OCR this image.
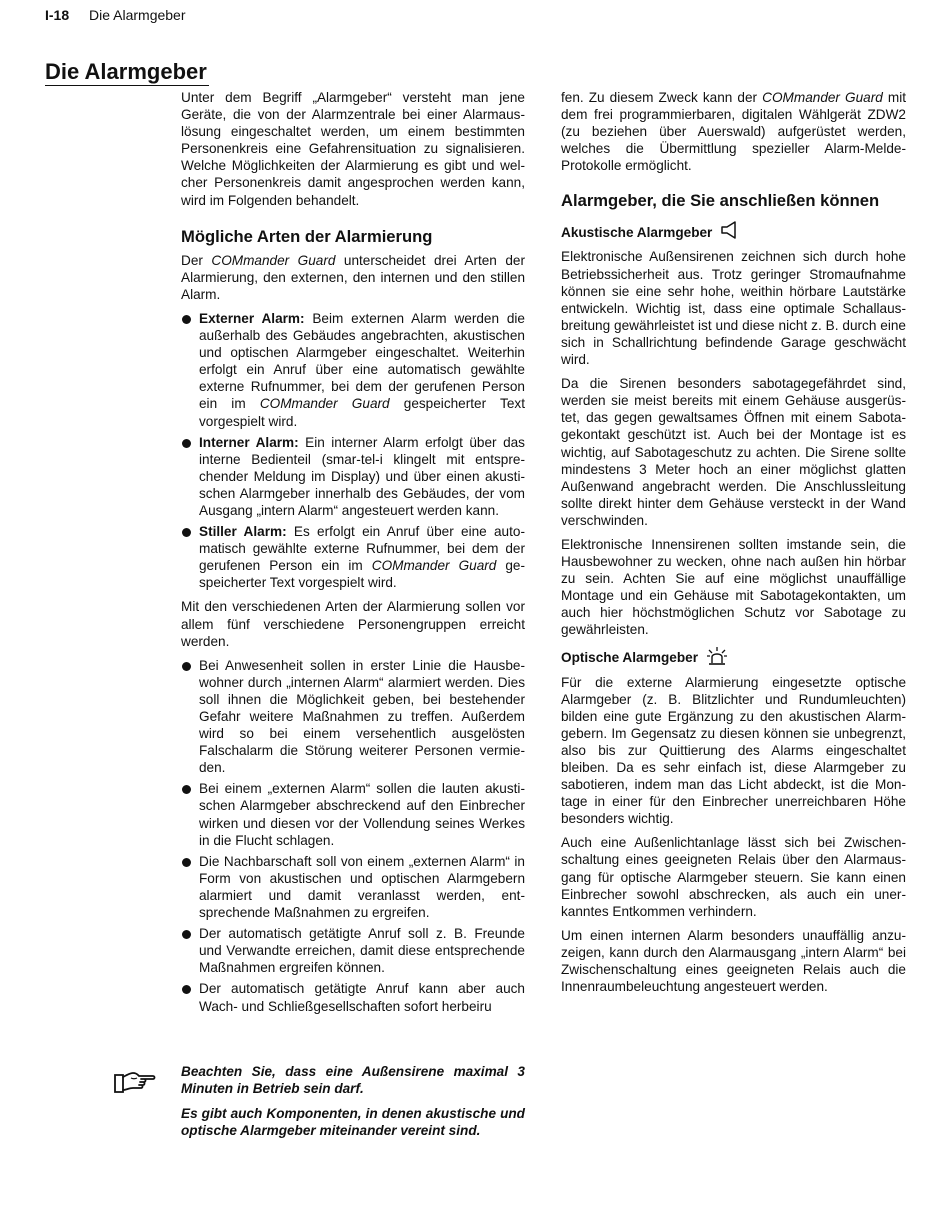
I-18 Die Alarmgeber
Die Alarmgeber

Unter dem Begriff „Alarmgeber“ versteht man jene Geräte, die von der Alarmzentrale bei einer Alarmauslösung eingeschaltet werden, um einem bestimmten Personenkreis eine Gefahrensituation zu signalisieren. Welche Möglichkeiten der Alarmierung es gibt und welcher Personenkreis damit angesprochen werden kann, wird im Folgenden behandelt.

Mögliche Arten der Alarmierung

Der COMmander Guard unterscheidet drei Arten der Alarmierung, den externen, den internen und den stillen Alarm.

Externer Alarm: Beim externen Alarm werden die außerhalb des Gebäudes angebrachten, akustischen und optischen Alarmgeber eingeschaltet. Weiterhin erfolgt ein Anruf über eine automatisch gewählte externe Rufnummer, bei dem der gerufenen Person ein im COMmander Guard gespeicherter Text vorgespielt wird.
Interner Alarm: Ein interner Alarm erfolgt über das interne Bedienteil (smar-tel-i klingelt mit entsprechender Meldung im Display) und über einen akustischen Alarmgeber innerhalb des Gebäudes, der vom Ausgang „intern Alarm“ angesteuert werden kann.
Stiller Alarm: Es erfolgt ein Anruf über eine automatisch gewählte externe Rufnummer, bei dem der gerufenen Person ein im COMmander Guard gespeicherter Text vorgespielt wird.

Mit den verschiedenen Arten der Alarmierung sollen vor allem fünf verschiedene Personengruppen erreicht werden.

Bei Anwesenheit sollen in erster Linie die Hausbewohner durch „internen Alarm“ alarmiert werden. Dies soll ihnen die Möglichkeit geben, bei bestehender Gefahr weitere Maßnahmen zu treffen. Außerdem wird so bei einem versehentlich ausgelösten Falschalarm die Störung weiterer Personen vermieden.
Bei einem „externen Alarm“ sollen die lauten akustischen Alarmgeber abschreckend auf den Einbrecher wirken und diesen vor der Vollendung seines Werkes in die Flucht schlagen.
Die Nachbarschaft soll von einem „externen Alarm“ in Form von akustischen und optischen Alarmgebern alarmiert und damit veranlasst werden, entsprechende Maßnahmen zu ergreifen.
Der automatisch getätigte Anruf soll z. B. Freunde und Verwandte erreichen, damit diese entsprechende Maßnahmen ergreifen können.
Der automatisch getätigte Anruf kann aber auch Wach- und Schließgesellschaften sofort herbeiru

Beachten Sie, dass eine Außensirene maximal 3 Minuten in Betrieb sein darf.

Es gibt auch Komponenten, in denen akustische und optische Alarmgeber miteinander vereint sind.

fen. Zu diesem Zweck kann der COMmander Guard mit dem frei programmierbaren, digitalen Wählgerät ZDW2 (zu beziehen über Auerswald) aufgerüstet werden, welches die Übermittlung spezieller Alarm-Melde-Protokolle ermöglicht.

Alarmgeber, die Sie anschließen können
Akustische Alarmgeber

Elektronische Außensirenen zeichnen sich durch hohe Betriebssicherheit aus. Trotz geringer Stromaufnahme können sie eine sehr hohe, weithin hörbare Lautstärke entwickeln. Wichtig ist, dass eine optimale Schallausbreitung gewährleistet ist und diese nicht z. B. durch eine sich in Schallrichtung befindende Garage geschwächt wird.

Da die Sirenen besonders sabotagegefährdet sind, werden sie meist bereits mit einem Gehäuse ausgerüstet, das gegen gewaltsames Öffnen mit einem Sabotagekontakt geschützt ist. Auch bei der Montage ist es wichtig, auf Sabotageschutz zu achten. Die Sirene sollte mindestens 3 Meter hoch an einer möglichst glatten Außenwand angebracht werden. Die Anschlussleitung sollte direkt hinter dem Gehäuse versteckt in der Wand verschwinden.

Elektronische Innensirenen sollten imstande sein, die Hausbewohner zu wecken, ohne nach außen hin hörbar zu sein. Achten Sie auf eine möglichst unauffällige Montage und ein Gehäuse mit Sabotagekontakten, um auch hier höchstmöglichen Schutz vor Sabotage zu gewährleisten.

Optische Alarmgeber

Für die externe Alarmierung eingesetzte optische Alarmgeber (z. B. Blitzlichter und Rundumleuchten) bilden eine gute Ergänzung zu den akustischen Alarmgebern. Im Gegensatz zu diesen können sie unbegrenzt, also bis zur Quittierung des Alarms eingeschaltet bleiben. Da es sehr einfach ist, diese Alarmgeber zu sabotieren, indem man das Licht abdeckt, ist die Montage in einer für den Einbrecher unerreichbaren Höhe besonders wichtig.

Auch eine Außenlichtanlage lässt sich bei Zwischenschaltung eines geeigneten Relais über den Alarmausgang für optische Alarmgeber steuern. Sie kann einen Einbrecher sowohl abschrecken, als auch ein unerkanntes Entkommen verhindern.

Um einen internen Alarm besonders unauffällig anzuzeigen, kann durch den Alarmausgang „intern Alarm“ bei Zwischenschaltung eines geeigneten Relais auch die Innenraumbeleuchtung angesteuert werden.
